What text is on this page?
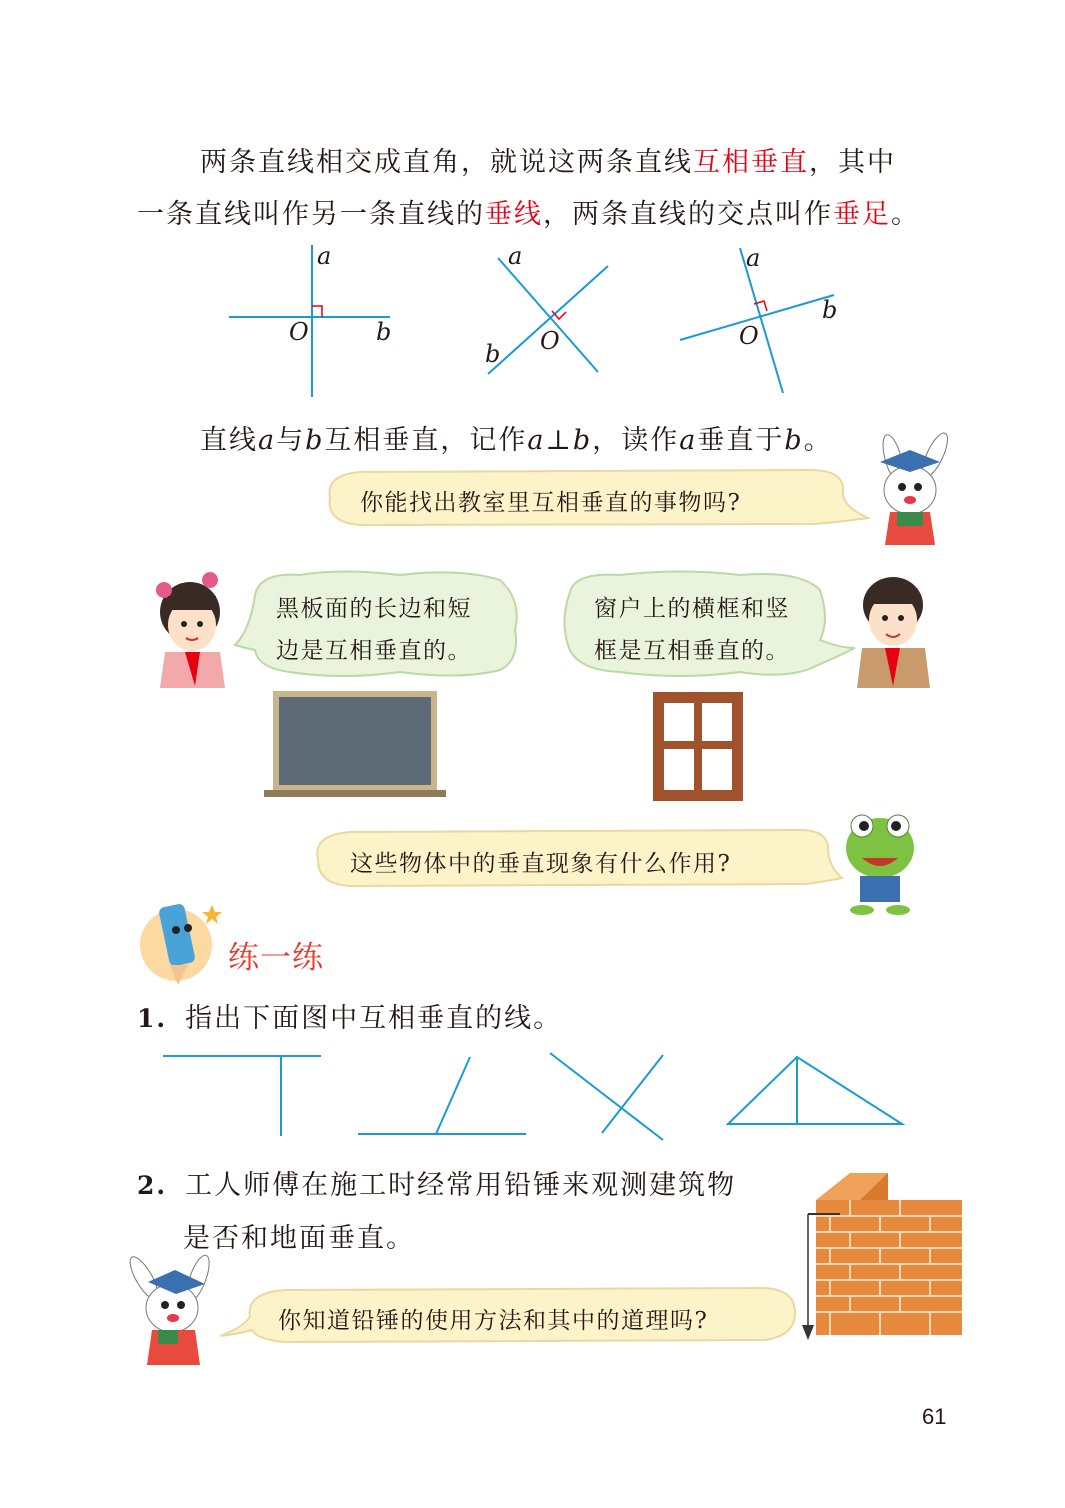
两条直线相交成直角，就说这两条直线互相垂直，其中
一条直线叫作另一条直线的垂线，两条直线的交点叫作垂足。
a
O	b
a
O
b
a
O
b
直线a与b互相垂直，记作a⊥b，读作a垂直于b。
你能找出教室里互相垂直的事物吗?
黑板面的长边和短
边是互相垂直的。
窗户上的横框和竖
框是互相垂直的。
这些物体中的垂直现象有什么作用?
你知道铅锤的使用方法和其中的道理吗?
练一练
1. 指出下面图中互相垂直的线。
2. 工人师傅在施工时经常用铅锤来观测建筑物
是否和地面垂直。
61
